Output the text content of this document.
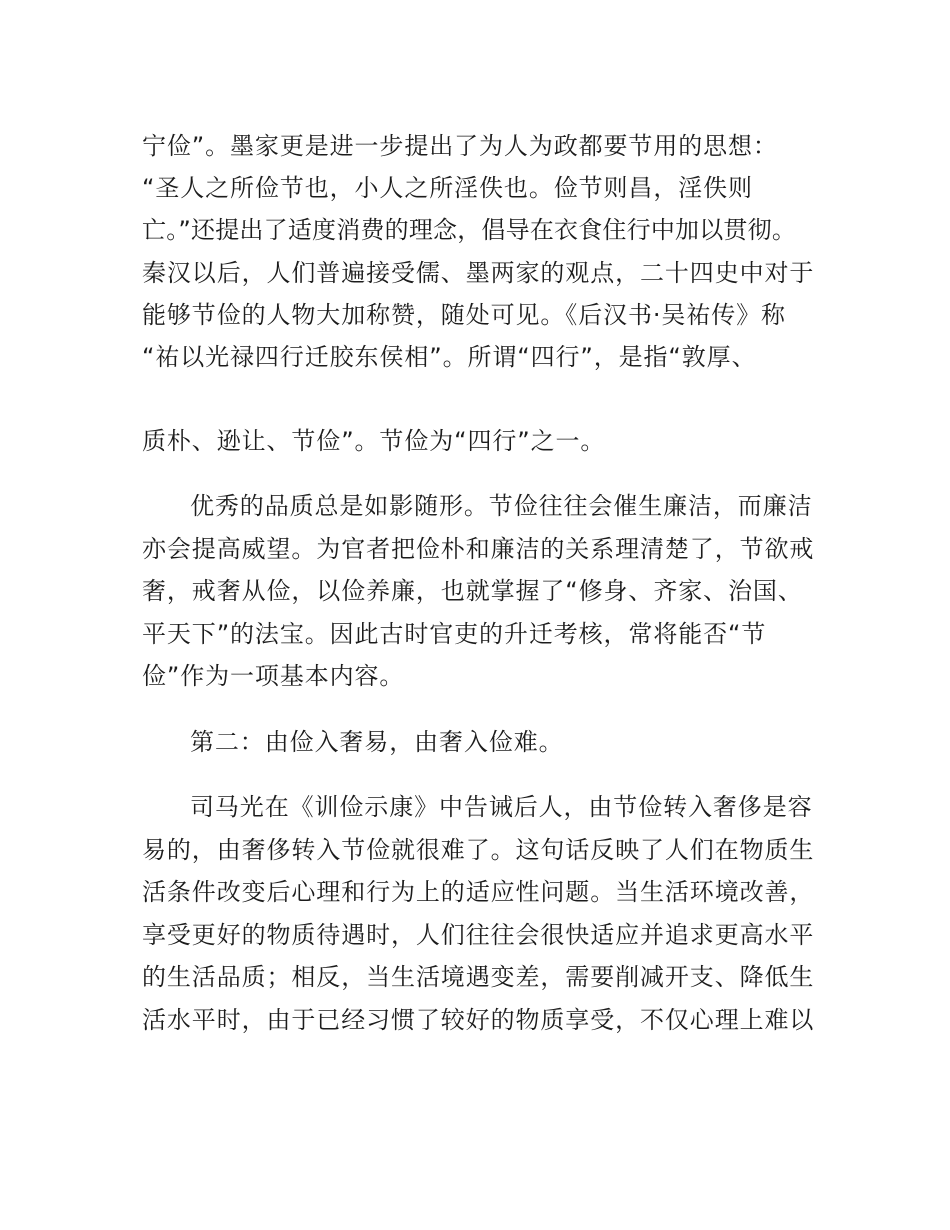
宁俭”。墨家更是进一步提出了为人为政都要节用的思想：
“圣人之所俭节也，小人之所淫佚也。俭节则昌，淫佚则
亡。”还提出了适度消费的理念，倡导在衣食住行中加以贯彻。
秦汉以后，人们普遍接受儒、墨两家的观点，二十四史中对于
能够节俭的人物大加称赞，随处可见。《后汉书·吴祐传》称
“祐以光禄四行迁胶东侯相”。所谓“四行”，是指“敦厚、
质朴、逊让、节俭”。节俭为“四行”之一。
优秀的品质总是如影随形。节俭往往会催生廉洁，而廉洁
亦会提高威望。为官者把俭朴和廉洁的关系理清楚了，节欲戒
奢，戒奢从俭，以俭养廉，也就掌握了“修身、齐家、治国、
平天下”的法宝。因此古时官吏的升迁考核，常将能否“节
俭”作为一项基本内容。
第二：由俭入奢易，由奢入俭难。
司马光在《训俭示康》中告诫后人，由节俭转入奢侈是容
易的，由奢侈转入节俭就很难了。这句话反映了人们在物质生
活条件改变后心理和行为上的适应性问题。当生活环境改善，
享受更好的物质待遇时，人们往往会很快适应并追求更高水平
的生活品质；相反，当生活境遇变差，需要削减开支、降低生
活水平时，由于已经习惯了较好的物质享受，不仅心理上难以
